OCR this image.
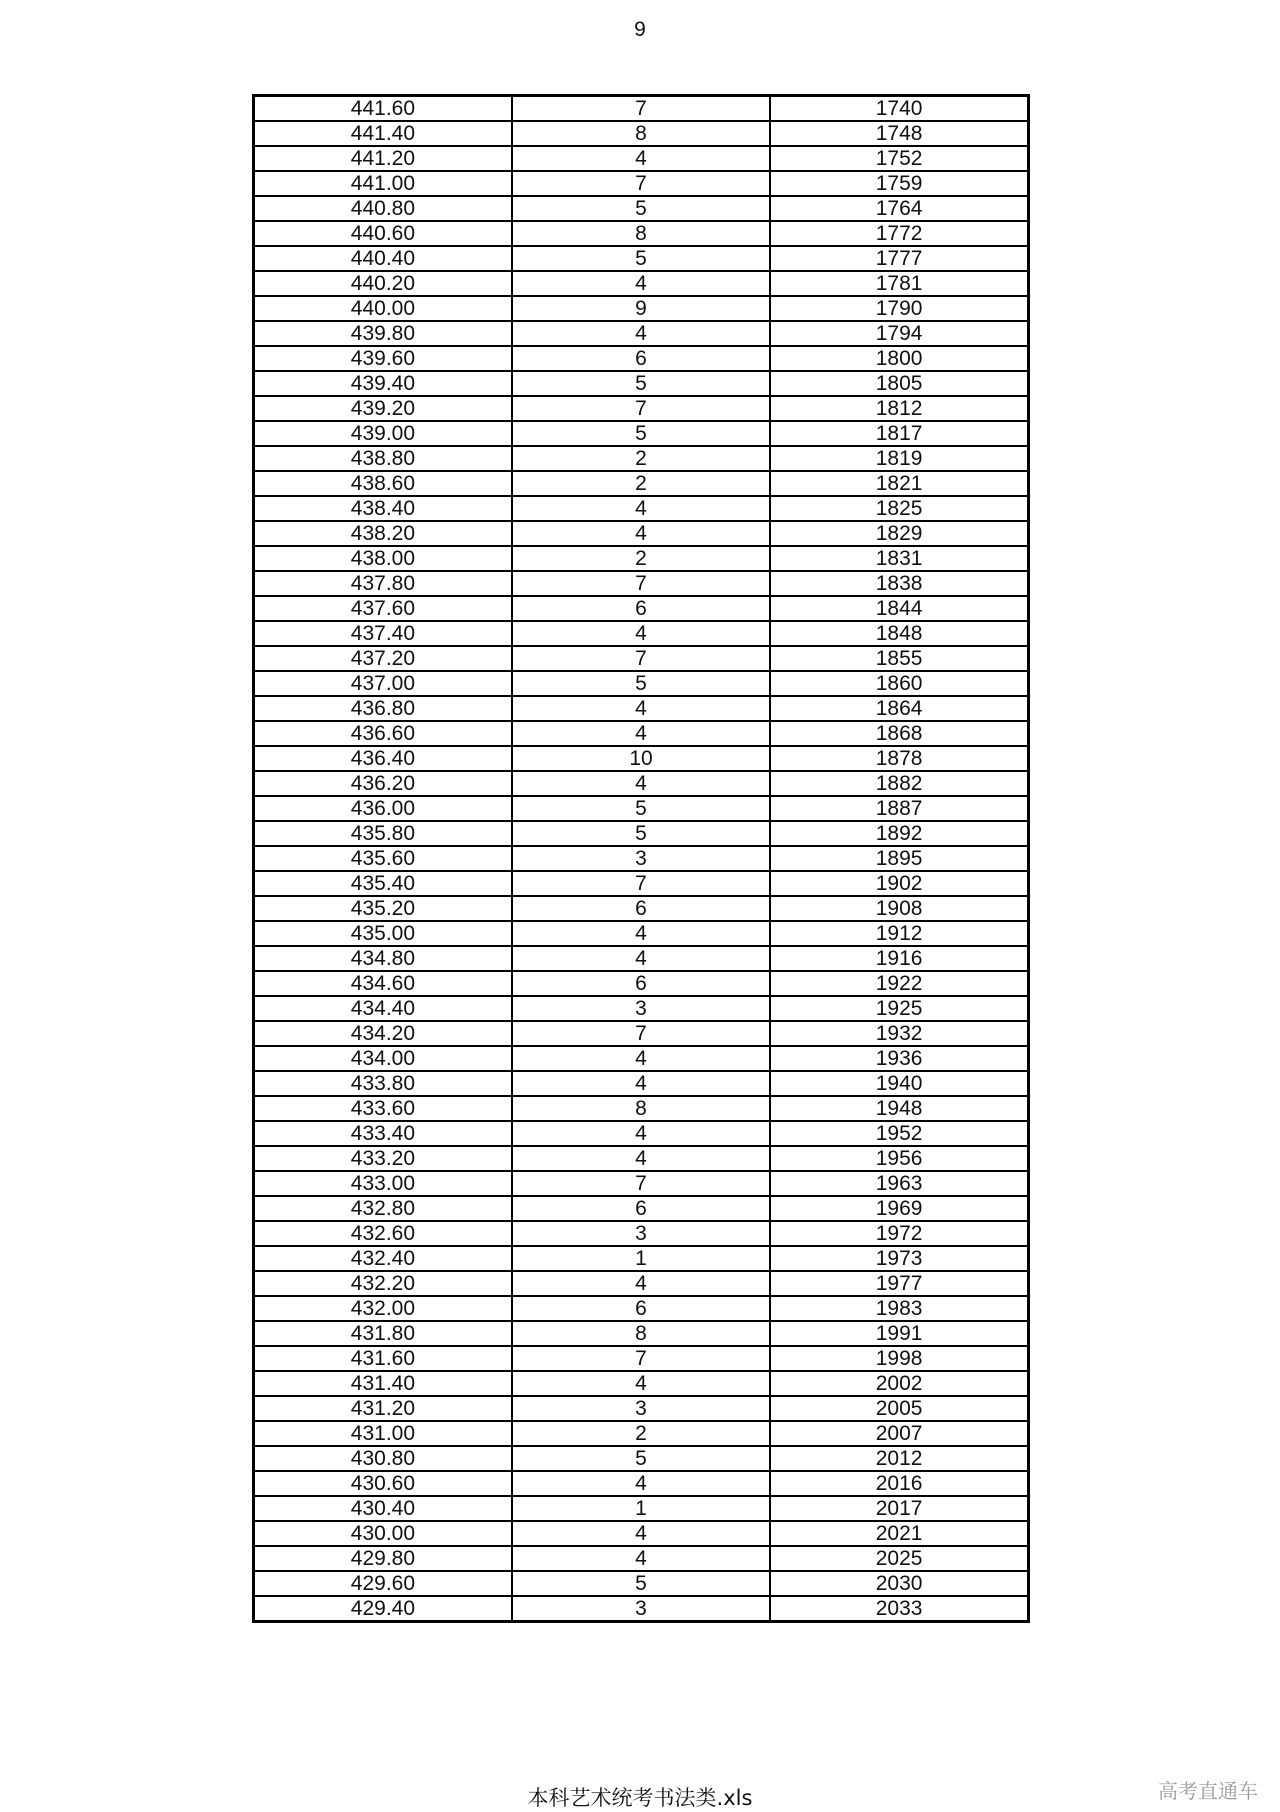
9
441.60	7	1740
441.40	8	1748
441.20	4	1752
441.00	7	1759
440.80	5	1764
440.60	8	1772
440.40	5	1777
440.20	4	1781
440.00	9	1790
439.80	4	1794
439.60	6	1800
439.40	5	1805
439.20	7	1812
439.00	5	1817
438.80	2	1819
438.60	2	1821
438.40	4	1825
438.20	4	1829
438.00	2	1831
437.80	7	1838
437.60	6	1844
437.40	4	1848
437.20	7	1855
437.00	5	1860
436.80	4	1864
436.60	4	1868
436.40	10	1878
436.20	4	1882
436.00	5	1887
435.80	5	1892
435.60	3	1895
435.40	7	1902
435.20	6	1908
435.00	4	1912
434.80	4	1916
434.60	6	1922
434.40	3	1925
434.20	7	1932
434.00	4	1936
433.80	4	1940
433.60	8	1948
433.40	4	1952
433.20	4	1956
433.00	7	1963
432.80	6	1969
432.60	3	1972
432.40	1	1973
432.20	4	1977
432.00	6	1983
431.80	8	1991
431.60	7	1998
431.40	4	2002
431.20	3	2005
431.00	2	2007
430.80	5	2012
430.60	4	2016
430.40	1	2017
430.00	4	2021
429.80	4	2025
429.60	5	2030
429.40	3	2033
本科艺术统考书法类.xls	高考直通车
